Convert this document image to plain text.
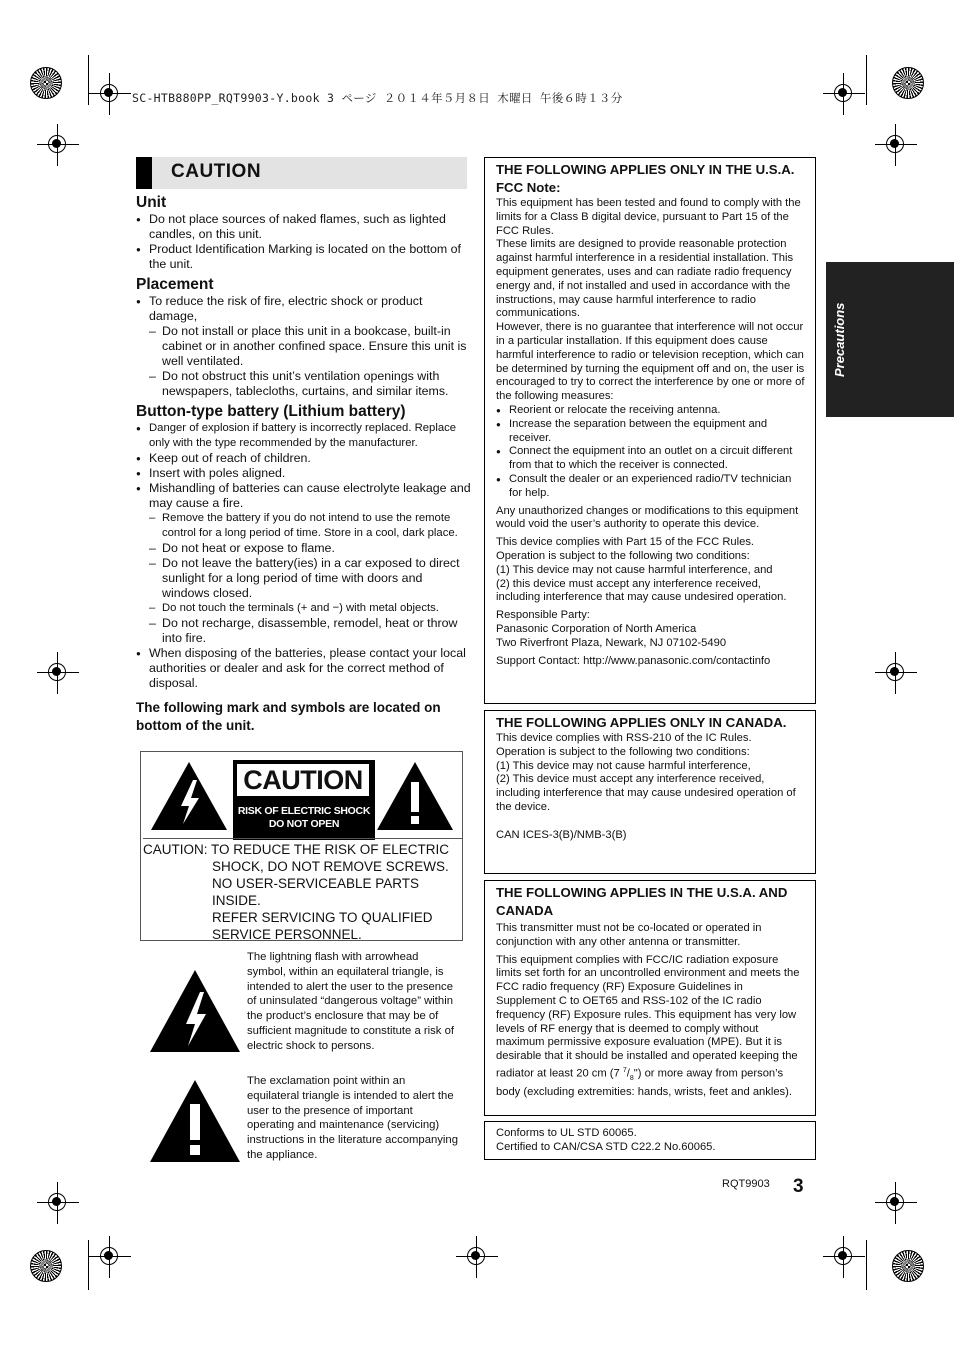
SC-HTB880PP_RQT9903-Y.book 3 ページ ２０１４年５月８日 木曜日 午後６時１３分
Precautions
CAUTION
Unit
● Do not place sources of naked flames, such as lighted candles, on this unit.
● Product Identification Marking is located on the bottom of the unit.
Placement
● To reduce the risk of fire, electric shock or product damage,
– Do not install or place this unit in a bookcase, built-in cabinet or in another confined space. Ensure this unit is well ventilated.
– Do not obstruct this unit’s ventilation openings with newspapers, tablecloths, curtains, and similar items.
Button-type battery (Lithium battery)
● Danger of explosion if battery is incorrectly replaced. Replace only with the type recommended by the manufacturer.
● Keep out of reach of children.
● Insert with poles aligned.
● Mishandling of batteries can cause electrolyte leakage and may cause a fire.
– Remove the battery if you do not intend to use the remote control for a long period of time. Store in a cool, dark place.
– Do not heat or expose to flame.
– Do not leave the battery(ies) in a car exposed to direct sunlight for a long period of time with doors and windows closed.
– Do not touch the terminals (+ and −) with metal objects.
– Do not recharge, disassemble, remodel, heat or throw into fire.
● When disposing of the batteries, please contact your local authorities or dealer and ask for the correct method of disposal.
The following mark and symbols are located on bottom of the unit.
CAUTION
RISK OF ELECTRIC SHOCK
DO NOT OPEN
CAUTION: TO REDUCE THE RISK OF ELECTRIC
SHOCK, DO NOT REMOVE SCREWS.
NO USER-SERVICEABLE PARTS
INSIDE.
REFER SERVICING TO QUALIFIED
SERVICE PERSONNEL.
The lightning flash with arrowhead symbol, within an equilateral triangle, is intended to alert the user to the presence of uninsulated “dangerous voltage” within the product’s enclosure that may be of sufficient magnitude to constitute a risk of electric shock to persons.
The exclamation point within an equilateral triangle is intended to alert the user to the presence of important operating and maintenance (servicing) instructions in the literature accompanying the appliance.
THE FOLLOWING APPLIES ONLY IN THE U.S.A.
FCC Note:

This equipment has been tested and found to comply with the limits for a Class B digital device, pursuant to Part 15 of the FCC Rules.

These limits are designed to provide reasonable protection against harmful interference in a residential installation. This equipment generates, uses and can radiate radio frequency energy and, if not installed and used in accordance with the instructions, may cause harmful interference to radio communications.

However, there is no guarantee that interference will not occur in a particular installation. If this equipment does cause harmful interference to radio or television reception, which can be determined by turning the equipment off and on, the user is encouraged to try to correct the interference by one or more of the following measures:

● Reorient or relocate the receiving antenna.
● Increase the separation between the equipment and receiver.
● Connect the equipment into an outlet on a circuit different from that to which the receiver is connected.
● Consult the dealer or an experienced radio/TV technician for help.

Any unauthorized changes or modifications to this equipment would void the user’s authority to operate this device.

This device complies with Part 15 of the FCC Rules.

Operation is subject to the following two conditions:

(1) This device may not cause harmful interference, and

(2) this device must accept any interference received, including interference that may cause undesired operation.

Responsible Party:

Panasonic Corporation of North America

Two Riverfront Plaza, Newark, NJ 07102-5490

Support Contact: http://www.panasonic.com/contactinfo

THE FOLLOWING APPLIES ONLY IN CANADA.

This device complies with RSS-210 of the IC Rules.

Operation is subject to the following two conditions:

(1) This device may not cause harmful interference,

(2) This device must accept any interference received, including interference that may cause undesired operation of the device.

CAN ICES-3(B)/NMB-3(B)

THE FOLLOWING APPLIES IN THE U.S.A. AND CANADA

This transmitter must not be co-located or operated in conjunction with any other antenna or transmitter.

This equipment complies with FCC/IC radiation exposure limits set forth for an uncontrolled environment and meets the FCC radio frequency (RF) Exposure Guidelines in Supplement C to OET65 and RSS-102 of the IC radio frequency (RF) Exposure rules. This equipment has very low levels of RF energy that is deemed to comply without maximum permissive exposure evaluation (MPE). But it is desirable that it should be installed and operated keeping the radiator at least 20 cm (7 $^7/_8$") or more away from person’s body (excluding extremities: hands, wrists, feet and ankles).

Conforms to UL STD 60065.

Certified to CAN/CSA STD C22.2 No.60065.

RQT9903 3
